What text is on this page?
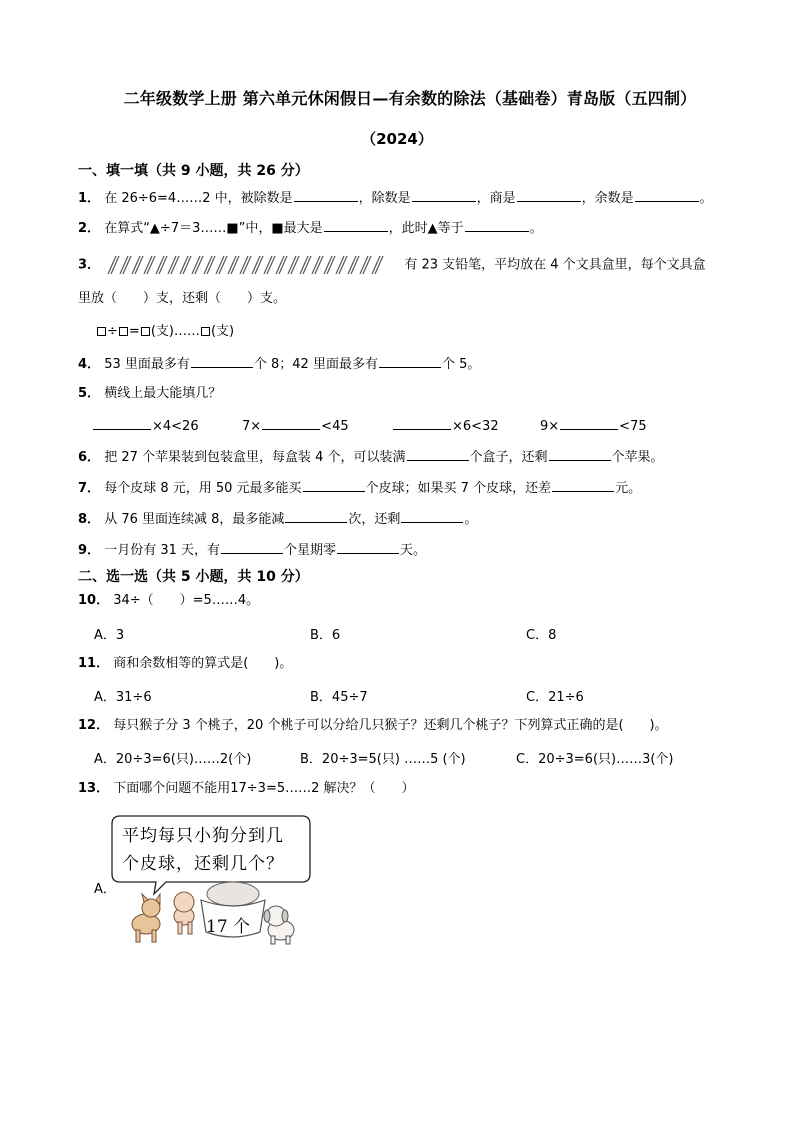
二年级数学上册 第六单元休闲假日—有余数的除法（基础卷）青岛版（五四制）
（2024）
一、填一填（共 9 小题，共 26 分）
1． 在 26÷6=4……2 中，被除数是	，除数是	，商是	，余数是	。
2． 在算式“▲÷7＝3……■”中，■最大是	，此时▲等于	。
3．	有 23 支铅笔，平均放在 4 个文具盒里，每个文具盒
里放（　　）支，还剩（　　）支。
÷ = (支)…… (支)
4． 53 里面最多有	个 8；42 里面最多有	个 5。
5． 横线上最大能填几？
×4<26	7×	<45	×6<32	9×	<75
6． 把 27 个苹果装到包装盒里，每盒装 4 个，可以装满	个盒子，还剩	个苹果。
7． 每个皮球 8 元，用 50 元最多能买	个皮球；如果买 7 个皮球，还差	元。
8． 从 76 里面连续减 8，最多能减	次，还剩	。
9． 一月份有 31 天，有	个星期零	天。
二、选一选（共 5 小题，共 10 分）
10． 34÷（　　）=5……4。
A．3	B．6	C．8
11． 商和余数相等的算式是(　　)。
A．31÷6	B．45÷7	C．21÷6
12． 每只猴子分 3 个桃子，20 个桃子可以分给几只猴子？还剩几个桃子？下列算式正确的是(　　)。
A．20÷3=6(只)……2(个)	B．20÷3=5(只) ……5 (个)	C．20÷3=6(只)……3(个)
13． 下面哪个问题不能用17÷3=5……2 解决？（　　）
A．
平均每只小狗分到几
个皮球，还剩几个？
17 个
